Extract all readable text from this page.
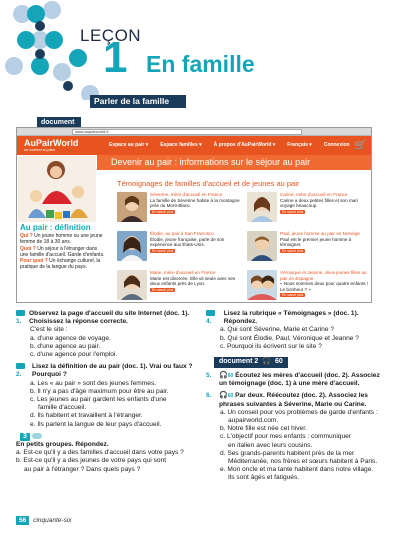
LEÇON
1 En famille
Parler de la famille
document
www.aupairworld.fr
AuPairWorld
we connect au pairs
Espace au pair ▾ Espace familles ▾ À propos d'AuPairWorld ▾ Français ▾ Connexion 🛒
Devenir au pair : informations sur le séjour au pair
Au pair : définition
Qui ? Un jeune homme ou une jeune femme de 18 à 30 ans.
Quoi ? Un séjour à l'étranger dans une famille d'accueil. Garde d'enfants.
Pour quoi ? Un échange culturel, la pratique de la langue du pays.
Témoignages de familles d'accueil et de jeunes au pair
Séverine, mère d'accueil en France
La famille de Séverine habite à la montagne près du Mont-Blanc.
En savoir plus
Carine, mère d'accueil en France
Carine a deux petites filles et son mari voyage beaucoup.
En savoir plus
Élodie, au pair à San Francisco
Élodie, jeune française, parle de son expérience aux États-Unis.
En savoir plus
Paul, jeune homme au pair en Norvège
Paul est le premier jeune homme à témoigner.
En savoir plus
Marie, mère d'accueil en France
Marie est divorcée. Elle vit seule avec ses deux enfants près de Lyon.
En savoir plus
Véronique et Jeanne, deux jeunes filles au pair en Espagne
« Nous sommes deux pour quatre enfants ! Le bonheur ? »
En savoir plus
1.
Observez la page d'accueil du site Internet (doc. 1). Choisissez la réponse correcte.
C'est le site :
a. d'une agence de voyage.
b. d'une agence au pair.
c. d'une agence pour l'emploi.
2.
Lisez la définition de au pair (doc. 1). Vrai ou faux ? Pourquoi ?
a. Les « au pair » sont des jeunes femmes.
b. Il n'y a pas d'âge maximum pour être au pair.
c. Les jeunes au pair gardent les enfants d'une
famille d'accueil.
d. Ils habitent et travaillent à l'étranger.
e. Ils parlent la langue de leur pays d'accueil.
3
En petits groupes. Répondez.
a. Est-ce qu'il y a des familles d'accueil dans votre pays ?
b. Est-ce qu'il y a des jeunes de votre pays qui sont
au pair à l'étranger ? Dans quels pays ?
4.
Lisez la rubrique « Témoignages » (doc. 1). Répondez.
a. Qui sont Séverine, Marie et Carine ?
b. Qui sont Élodie, Paul, Véronique et Jeanne ?
c. Pourquoi ils écrivent sur le site ?
document 2 🎧 60
5.	🎧60 Écoutez les mères d'accueil (doc. 2). Associez un témoignage (doc. 1) à une mère d'accueil.
6.	🎧60 Par deux. Réécoutez (doc. 2). Associez les phrases suivantes à Séverine, Marie ou Carine.
a. Un conseil pour vos problèmes de garde d'enfants :
aupairworld.com.
b. Notre fille est née cet hiver.
c. L'objectif pour mes enfants : communiquer
en italien avec leurs cousins.
d. Ses grands-parents habitent près de la mer
Méditerranée, nos frères et sœurs habitent à Paris.
e. Mon oncle et ma tante habitent dans notre village.
Ils sont âgés et fatigués.
56	cinquante-six
